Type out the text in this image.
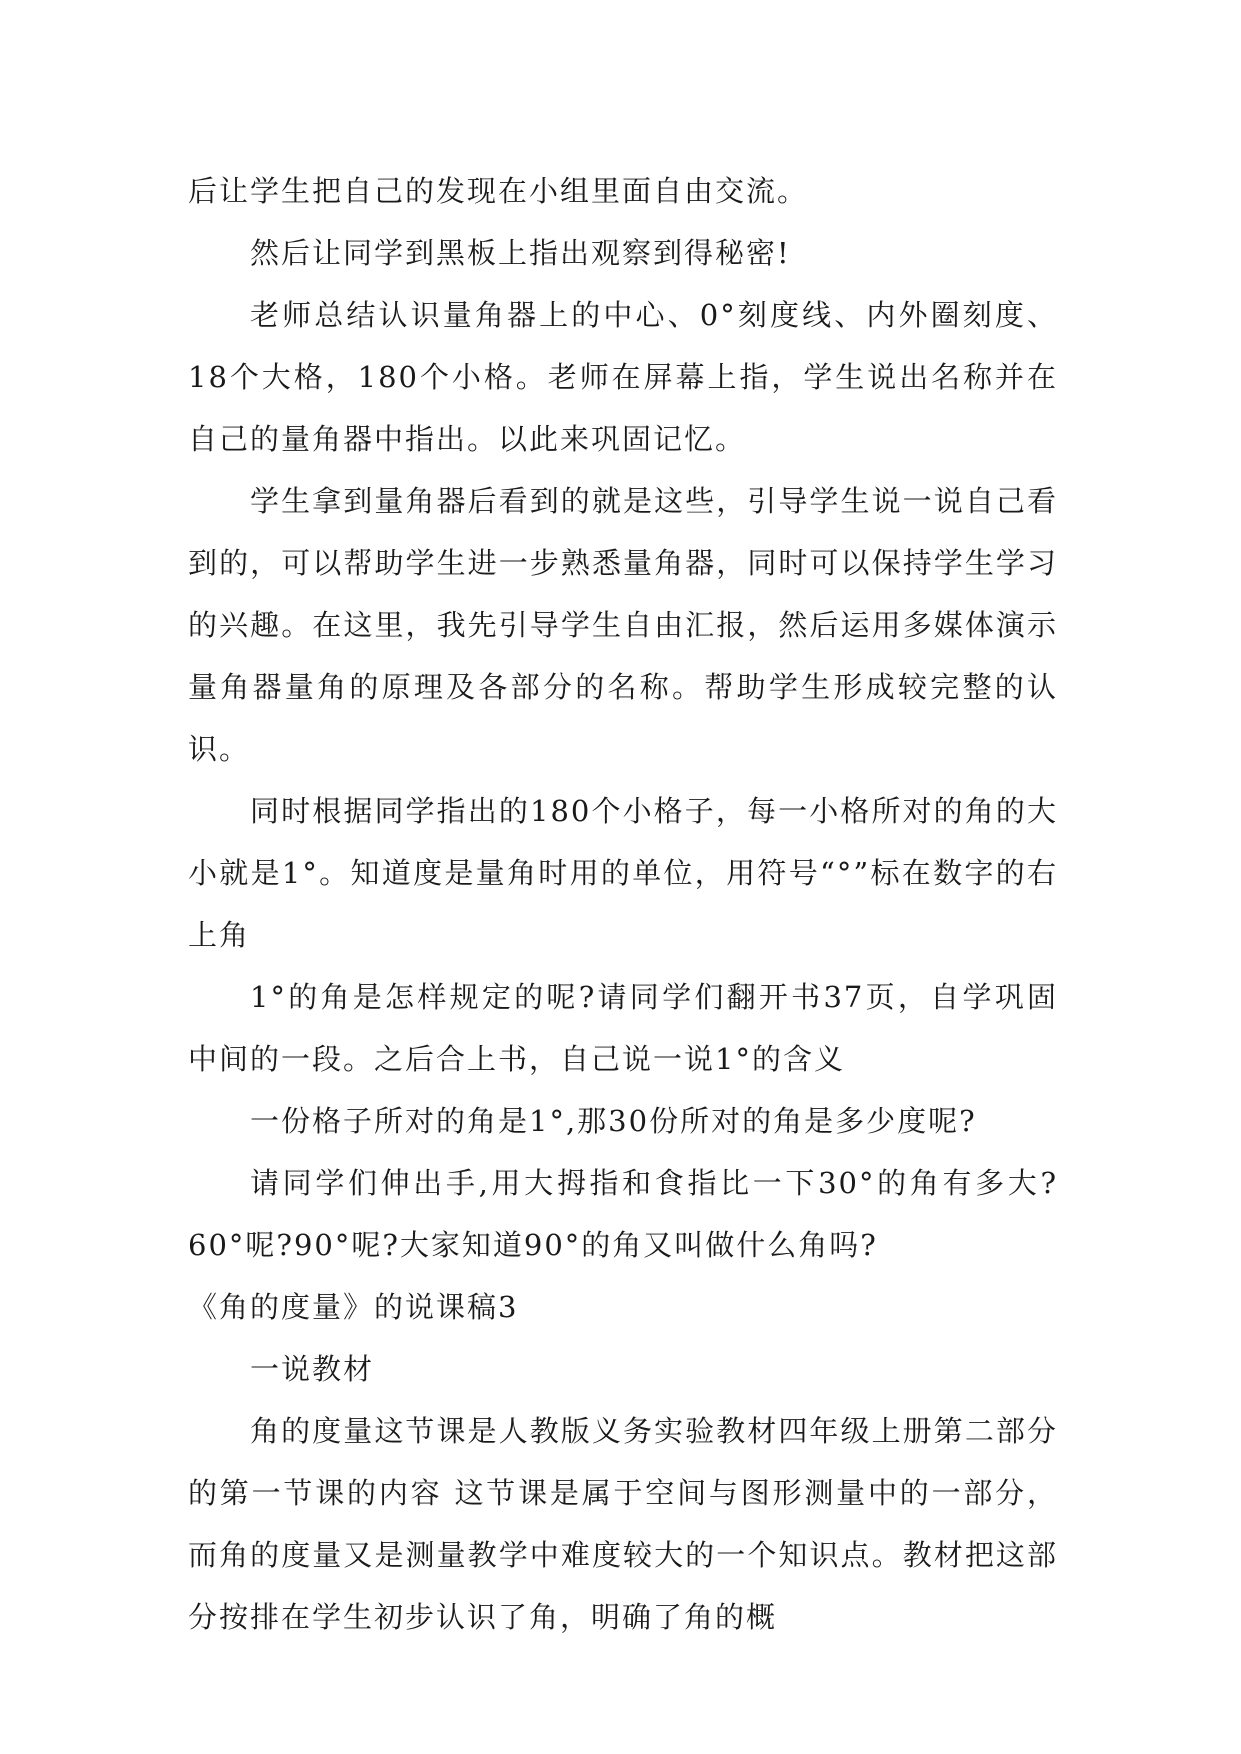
后让学生把自己的发现在小组里面自由交流。

然后让同学到黑板上指出观察到得秘密!

老师总结认识量角器上的中心、0°刻度线、内外圈刻度、18个大格，180个小格。老师在屏幕上指，学生说出名称并在自己的量角器中指出。以此来巩固记忆。

学生拿到量角器后看到的就是这些，引导学生说一说自己看到的，可以帮助学生进一步熟悉量角器，同时可以保持学生学习的兴趣。在这里，我先引导学生自由汇报，然后运用多媒体演示量角器量角的原理及各部分的名称。帮助学生形成较完整的认识。

同时根据同学指出的180个小格子，每一小格所对的角的大小就是1°。知道度是量角时用的单位，用符号“°”标在数字的右上角

1°的角是怎样规定的呢?请同学们翻开书37页，自学巩固中间的一段。之后合上书，自己说一说1°的含义

一份格子所对的角是1°,那30份所对的角是多少度呢?

请同学们伸出手,用大拇指和食指比一下30°的角有多大?60°呢?90°呢?大家知道90°的角又叫做什么角吗?

《角的度量》的说课稿3

一说教材

角的度量这节课是人教版义务实验教材四年级上册第二部分的第一节课的内容 这节课是属于空间与图形测量中的一部分，而角的度量又是测量教学中难度较大的一个知识点。教材把这部分按排在学生初步认识了角，明确了角的概
